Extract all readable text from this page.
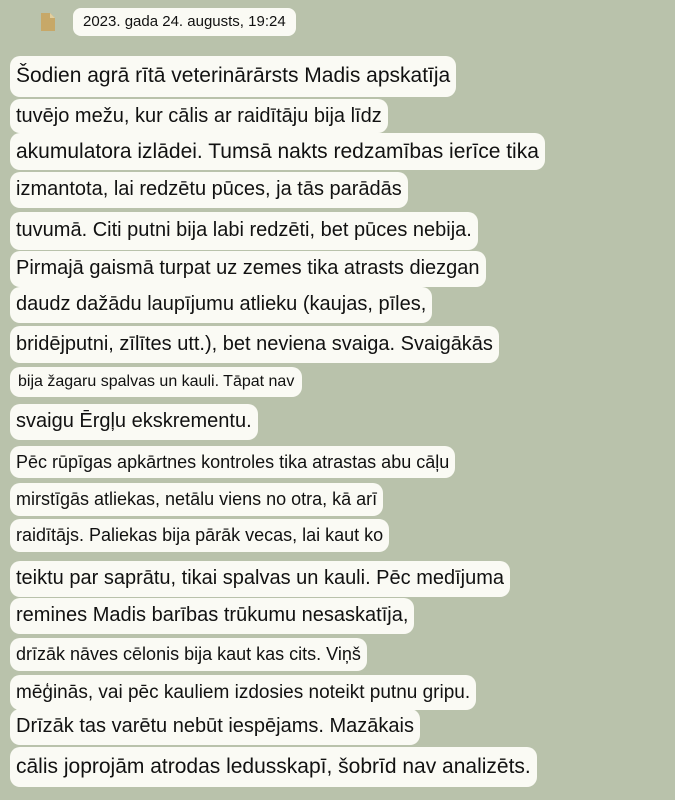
2023. gada 24. augusts, 19:24
Šodien agrā rītā veterinārārsts Madis apskatīja
tuvējo mežu, kur cālis ar raidītāju bija līdz
akumulatora izlādei. Tumsā nakts redzamības ierīce tika
izmantota, lai redzētu pūces, ja tās parādās
tuvumā. Citi putni bija labi redzēti, bet pūces nebija.
Pirmajā gaismā turpat uz zemes tika atrasts diezgan
daudz dažādu laupījumu atlieku (kaujas, pīles,
bridējputni, zīlītes utt.), bet neviena svaiga. Svaigākās
bija žagaru spalvas un kauli. Tāpat nav
svaigu Ērgļu ekskrementu.
Pēc rūpīgas apkārtnes kontroles tika atrastas abu cāļu
mirstīgās atliekas, netālu viens no otra, kā arī
raidītājs. Paliekas bija pārāk vecas, lai kaut ko
teiktu par saprātu, tikai spalvas un kauli. Pēc medījuma
remines Madis barības trūkumu nesaskatīja,
drīzāk nāves cēlonis bija kaut kas cits. Viņš
mēģinās, vai pēc kauliem izdosies noteikt putnu gripu.
Drīzāk tas varētu nebūt iespējams. Mazākais
cālis joprojām atrodas ledusskapī, šobrīd nav analizēts.
